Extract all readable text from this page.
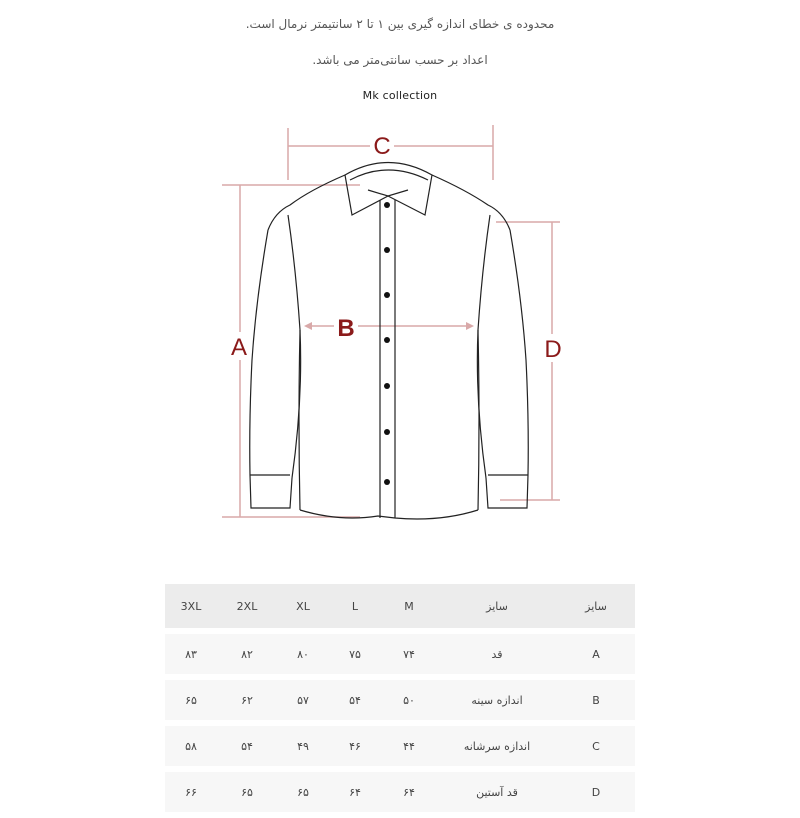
محدوده ی خطای اندازه گیری بین ۱ تا ۲ سانتیمتر نرمال است.
اعداد بر حسب سانتی‌متر می باشد.
Mk collection
C
B
A	D
3XL	2XL	XL	L	M	سایز	سایز
۸۳	۸۲	۸۰	۷۵	۷۴	قد	A
۶۵	۶۲	۵۷	۵۴	۵۰	اندازه سینه	B
۵۸	۵۴	۴۹	۴۶	۴۴	اندازه سرشانه	C
۶۶	۶۵	۶۵	۶۴	۶۴	قد آستین	D
